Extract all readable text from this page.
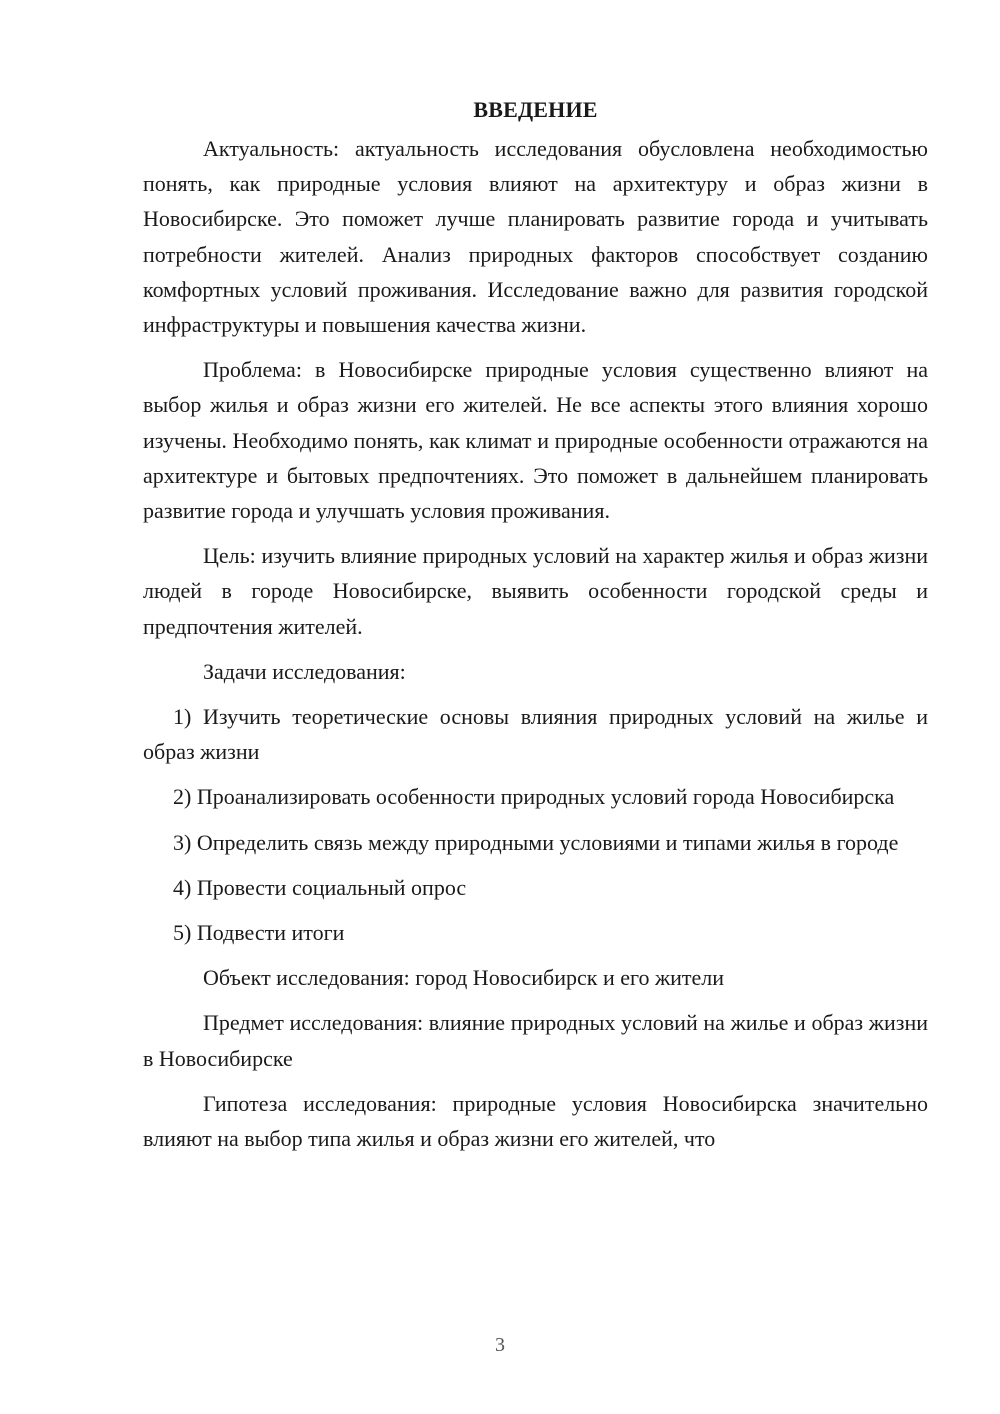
ВВЕДЕНИЕ

Актуальность: актуальность исследования обусловлена необходимостью понять, как природные условия влияют на архитектуру и образ жизни в Новосибирске. Это поможет лучше планировать развитие города и учитывать потребности жителей. Анализ природных факторов способствует созданию комфортных условий проживания. Исследование важно для развития городской инфраструктуры и повышения качества жизни.

Проблема: в Новосибирске природные условия существенно влияют на выбор жилья и образ жизни его жителей. Не все аспекты этого влияния хорошо изучены. Необходимо понять, как климат и природные особенности отражаются на архитектуре и бытовых предпочтениях. Это поможет в дальнейшем планировать развитие города и улучшать условия проживания.

Цель: изучить влияние природных условий на характер жилья и образ жизни людей в городе Новосибирске, выявить особенности городской среды и предпочтения жителей.

Задачи исследования:

1) Изучить теоретические основы влияния природных условий на жилье и образ жизни

2) Проанализировать особенности природных условий города Новосибирска

3) Определить связь между природными условиями и типами жилья в городе

4) Провести социальный опрос

5) Подвести итоги

Объект исследования: город Новосибирск и его жители

Предмет исследования: влияние природных условий на жилье и образ жизни в Новосибирске

Гипотеза исследования: природные условия Новосибирска значительно влияют на выбор типа жилья и образ жизни его жителей, что

3
